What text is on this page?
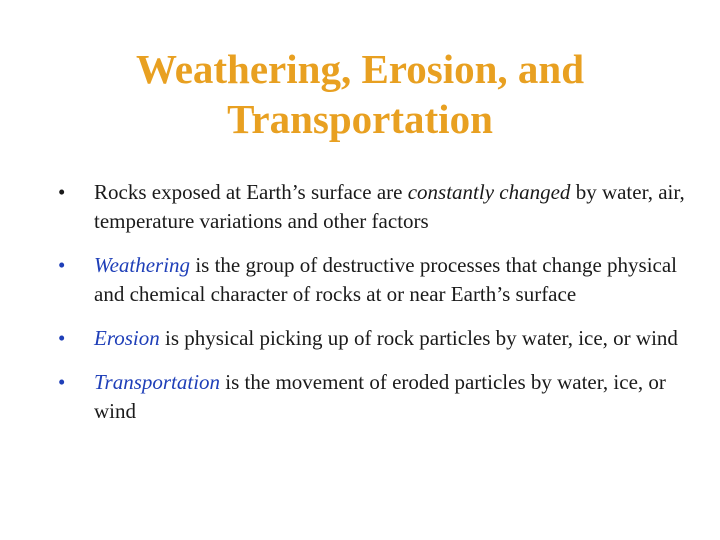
Weathering, Erosion, and
Transportation
•	Rocks exposed at Earth’s surface are constantly changed by water, air, temperature variations and other factors
•	Weathering is the group of destructive processes that change physical and chemical character of rocks at or near Earth’s surface
•	Erosion is physical picking up of rock particles by water, ice, or wind
•	Transportation is the movement of eroded particles by water, ice, or wind
